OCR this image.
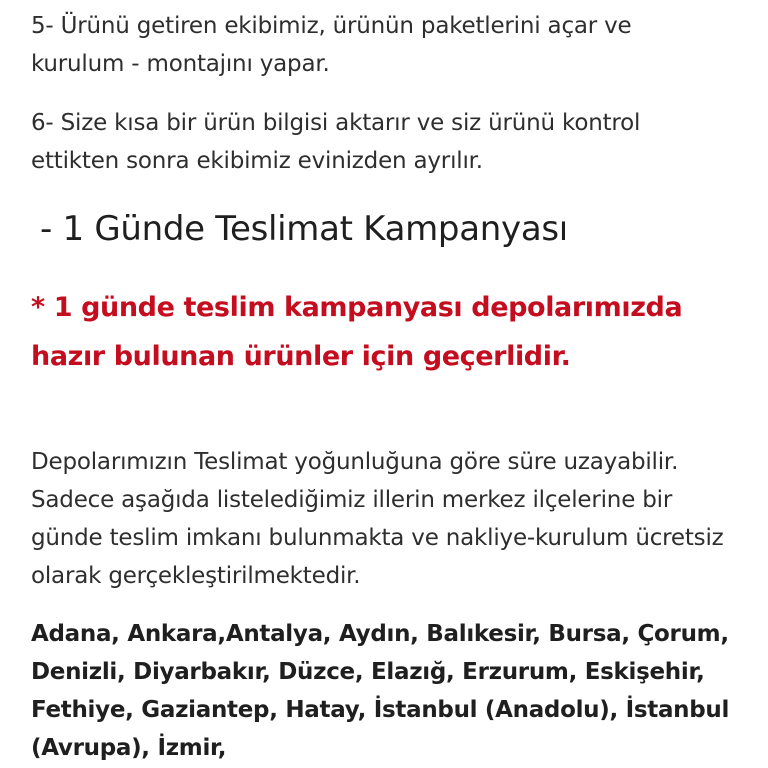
5- Ürünü getiren ekibimiz, ürünün paketlerini açar ve kurulum - montajını yapar.

6- Size kısa bir ürün bilgisi aktarır ve siz ürünü kontrol ettikten sonra ekibimiz evinizden ayrılır.

- 1 Günde Teslimat Kampanyası

* 1 günde teslim kampanyası depolarımızda hazır bulunan ürünler için geçerlidir.

Depolarımızın Teslimat yoğunluğuna göre süre uzayabilir. Sadece aşağıda listelediğimiz illerin merkez ilçelerine bir günde teslim imkanı bulunmakta ve nakliye-kurulum ücretsiz olarak gerçekleştirilmektedir.

Adana, Ankara,Antalya, Aydın, Balıkesir, Bursa, Çorum, Denizli, Diyarbakır, Düzce, Elazığ, Erzurum, Eskişehir, Fethiye, Gaziantep, Hatay, İstanbul (Anadolu), İstanbul (Avrupa), İzmir,
